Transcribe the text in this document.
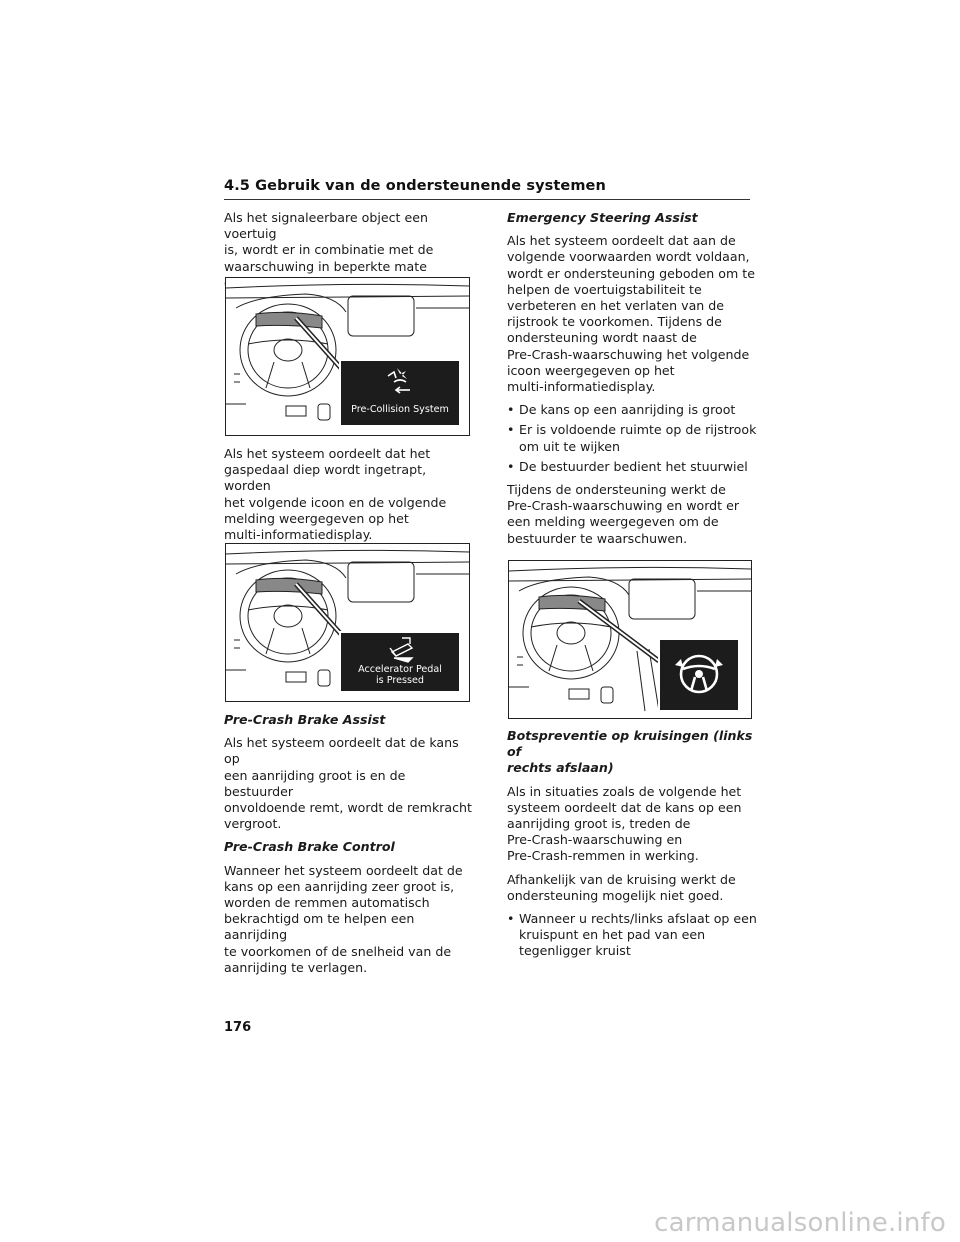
4.5 Gebruik van de ondersteunende systemen

Als het signaleerbare object een voertuig
is, wordt er in combinatie met de
waarschuwing in beperkte mate

Pre-Collision System

Als het systeem oordeelt dat het
gaspedaal diep wordt ingetrapt, worden
het volgende icoon en de volgende
melding weergegeven op het
multi-informatiedisplay.

Accelerator Pedal
is Pressed
Pre-Crash Brake Assist

Als het systeem oordeelt dat de kans op
een aanrijding groot is en de bestuurder
onvoldoende remt, wordt de remkracht
vergroot.

Pre-Crash Brake Control

Wanneer het systeem oordeelt dat de
kans op een aanrijding zeer groot is,
worden de remmen automatisch
bekrachtigd om te helpen een aanrijding
te voorkomen of de snelheid van de
aanrijding te verlagen.

Emergency Steering Assist

Als het systeem oordeelt dat aan de
volgende voorwaarden wordt voldaan,
wordt er ondersteuning geboden om te
helpen de voertuigstabiliteit te
verbeteren en het verlaten van de
rijstrook te voorkomen. Tijdens de
ondersteuning wordt naast de
Pre-Crash-waarschuwing het volgende
icoon weergegeven op het
multi-informatiedisplay.

• De kans op een aanrijding is groot
• Er is voldoende ruimte op de rijstrook
om uit te wijken
• De bestuurder bedient het stuurwiel

Tijdens de ondersteuning werkt de
Pre-Crash-waarschuwing en wordt er
een melding weergegeven om de
bestuurder te waarschuwen.

Botspreventie op kruisingen (links of
rechts afslaan)

Als in situaties zoals de volgende het
systeem oordeelt dat de kans op een
aanrijding groot is, treden de
Pre-Crash-waarschuwing en
Pre-Crash-remmen in werking.

Afhankelijk van de kruising werkt de
ondersteuning mogelijk niet goed.

• Wanneer u rechts/links afslaat op een
kruispunt en het pad van een
tegenligger kruist
176
carmanualsonline.info
